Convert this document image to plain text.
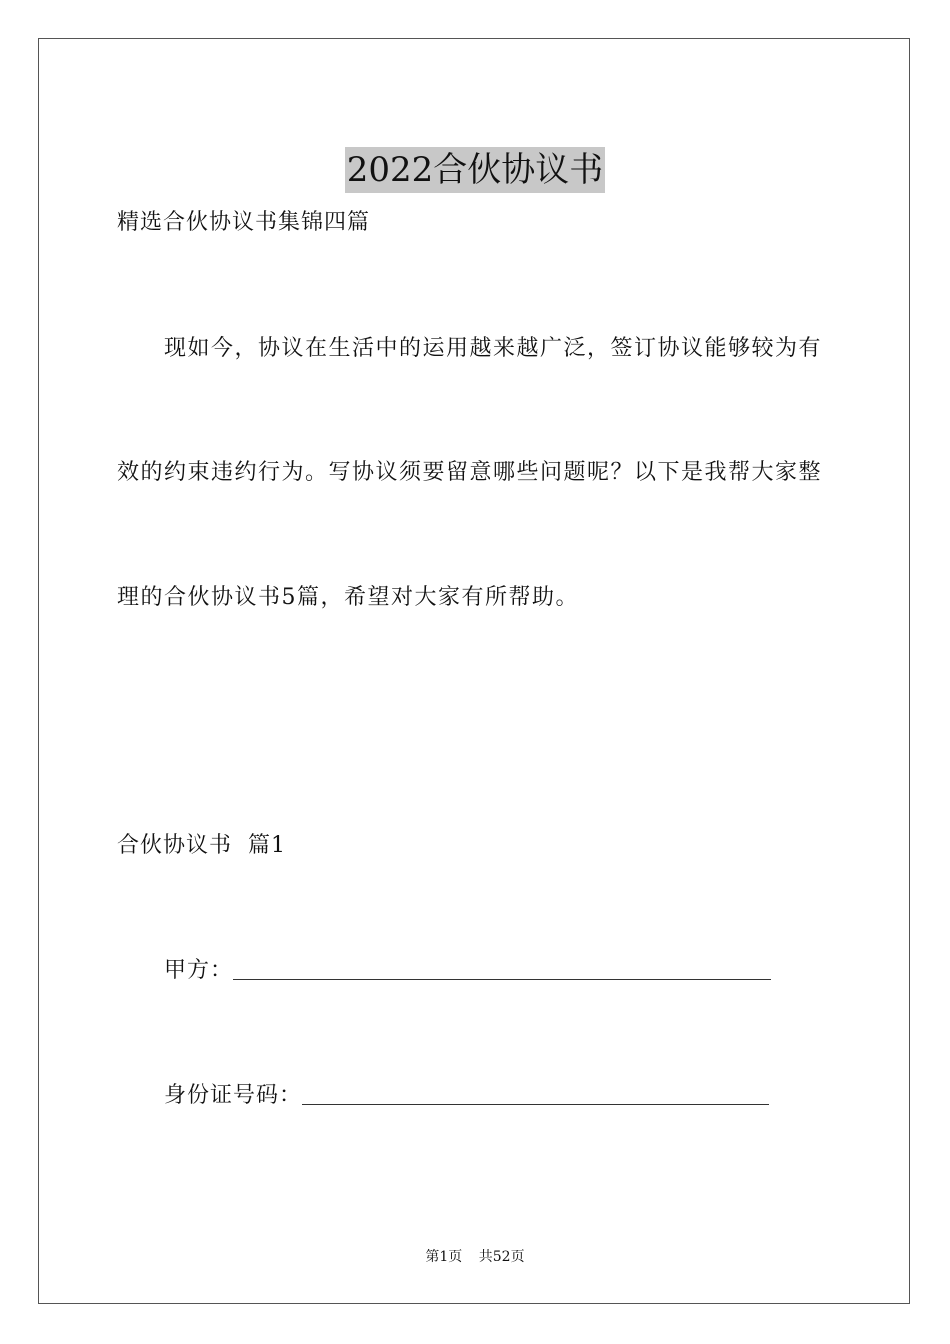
2022合伙协议书
精选合伙协议书集锦四篇
现如今，协议在生活中的运用越来越广泛，签订协议能够较为有
效的约束违约行为。写协议须要留意哪些问题呢？以下是我帮大家整
理的合伙协议书5篇，希望对大家有所帮助。
合伙协议书  篇1
甲方：
身份证号码：
第1页 共52页
